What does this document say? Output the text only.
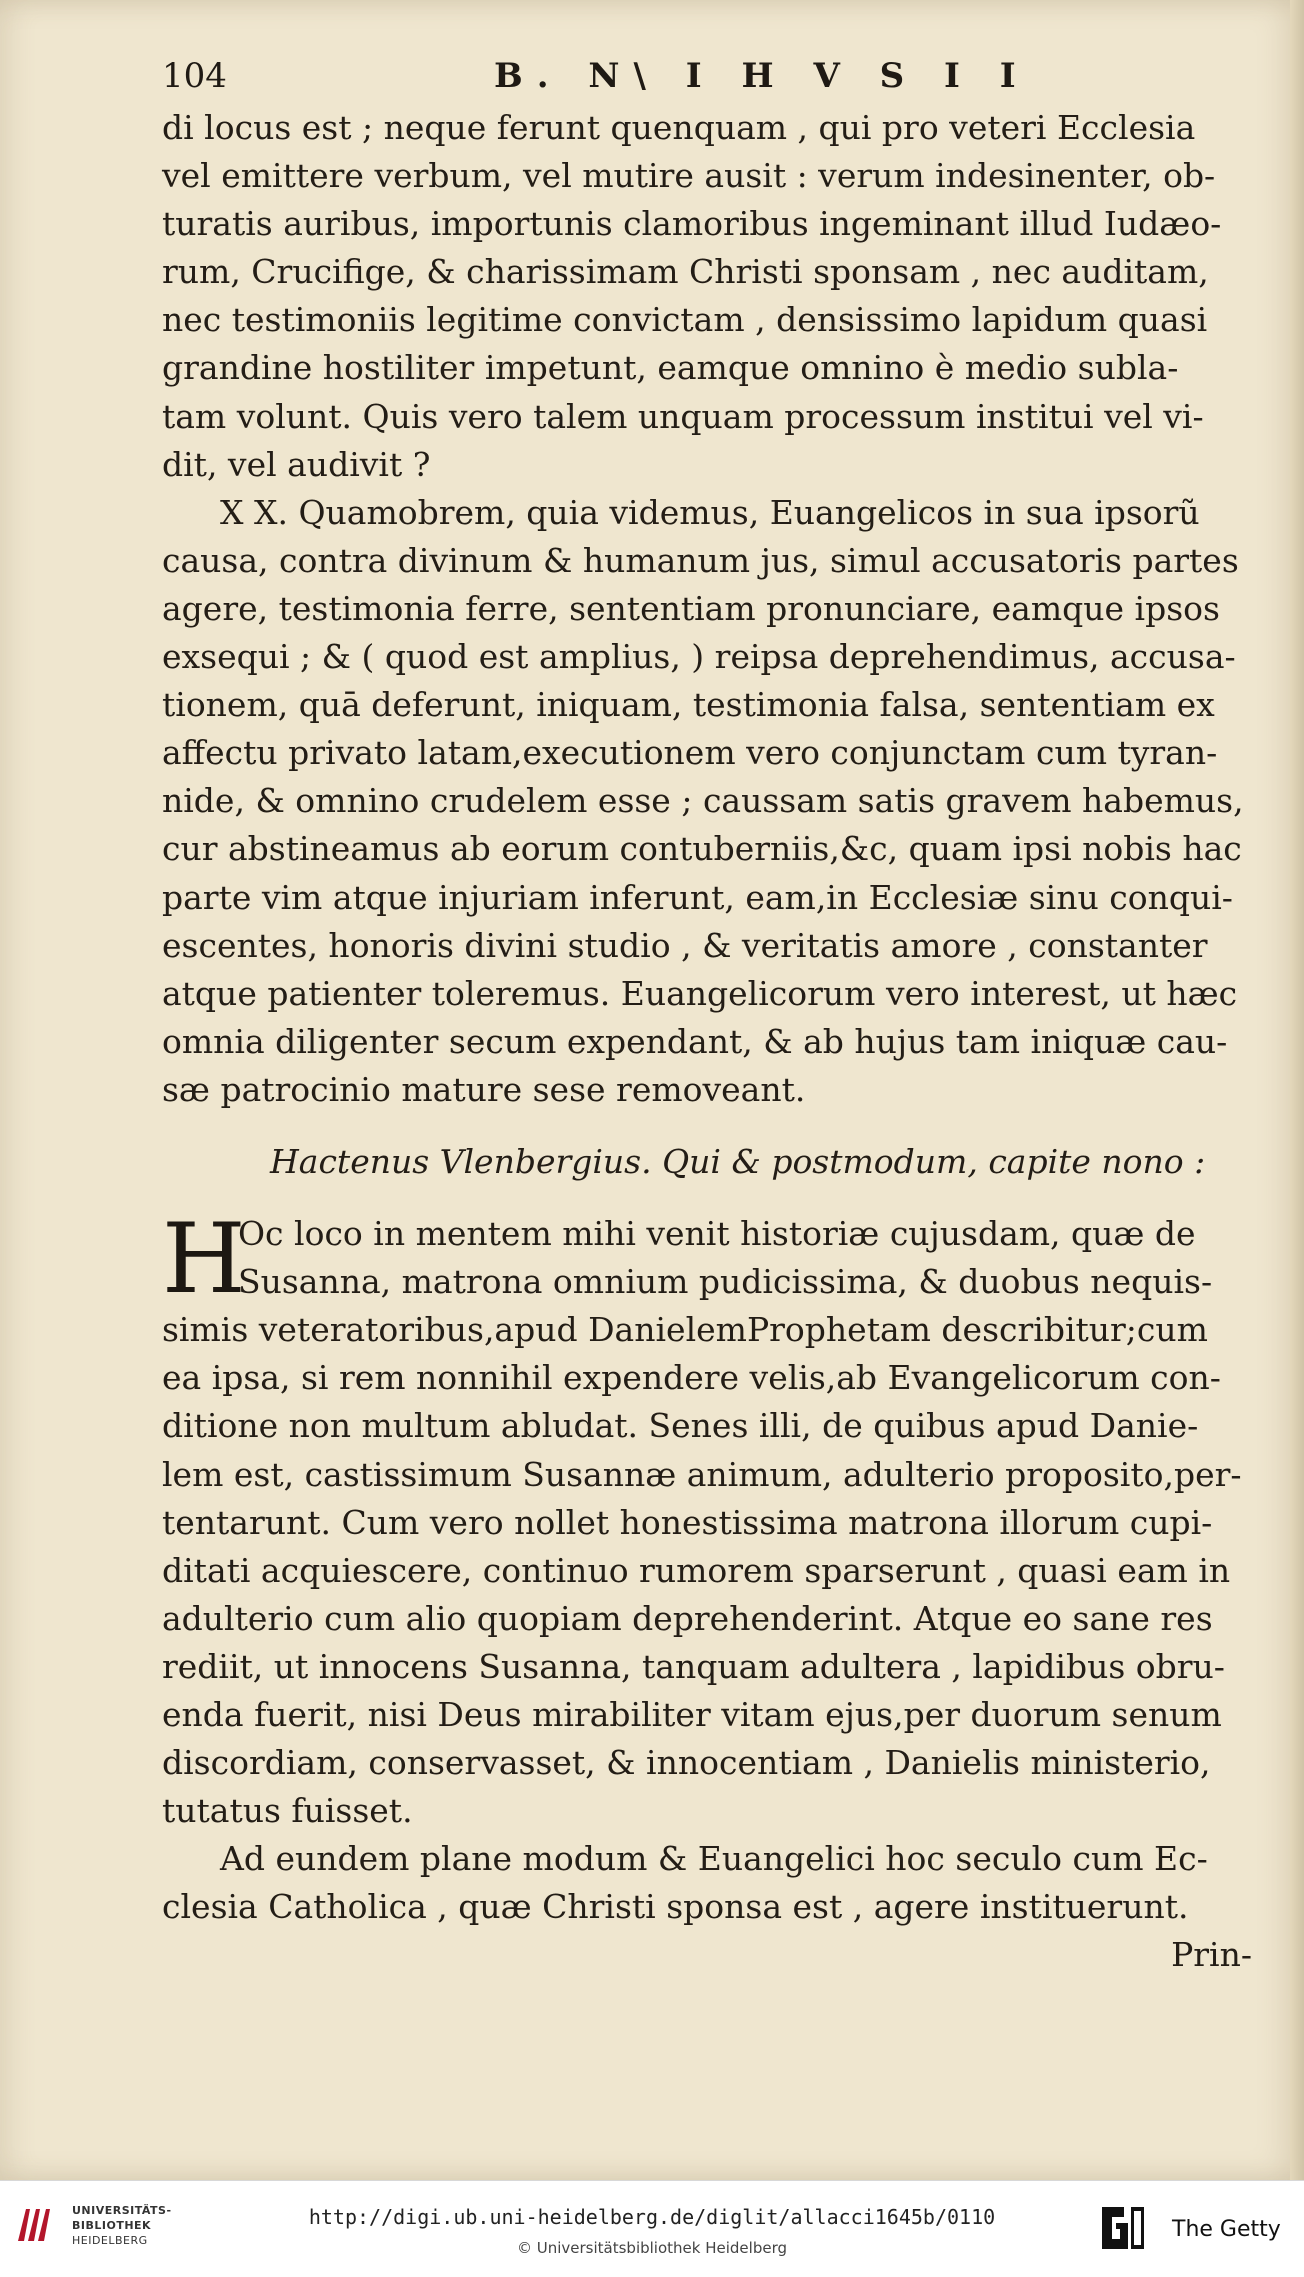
104	B. N\ I H V S I I
di locus est ; neque ferunt quenquam , qui pro veteri Ecclesia
vel emittere verbum, vel mutire ausit : verum indesinenter, ob-
turatis auribus, importunis clamoribus ingeminant illud Iudæo-
rum, Crucifige, & charissimam Christi sponsam , nec auditam,
nec testimoniis legitime convictam , densissimo lapidum quasi
grandine hostiliter impetunt, eamque omnino è medio subla-
tam volunt. Quis vero talem unquam processum institui vel vi-
dit, vel audivit ?
X X. Quamobrem, quia videmus, Euangelicos in sua ipsorũ
causa, contra divinum & humanum jus, simul accusatoris partes
agere, testimonia ferre, sententiam pronunciare, eamque ipsos
exsequi ; & ( quod est amplius, ) reipsa deprehendimus, accusa-
tionem, quā deferunt, iniquam, testimonia falsa, sententiam ex
affectu privato latam,executionem vero conjunctam cum tyran-
nide, & omnino crudelem esse ; caussam satis gravem habemus,
cur abstineamus ab eorum contuberniis,&c, quam ipsi nobis hac
parte vim atque injuriam inferunt, eam,in Ecclesiæ sinu conqui-
escentes, honoris divini studio , & veritatis amore , constanter
atque patienter toleremus. Euangelicorum vero interest, ut hæc
omnia diligenter secum expendant, & ab hujus tam iniquæ cau-
sæ patrocinio mature sese removeant.
Hactenus Vlenbergius. Qui & postmodum, capite nono :
H
Oc loco in mentem mihi venit historiæ cujusdam, quæ de
Susanna, matrona omnium pudicissima, & duobus nequis-
simis veteratoribus,apud DanielemProphetam describitur;cum
ea ipsa, si rem nonnihil expendere velis,ab Evangelicorum con-
ditione non multum abludat. Senes illi, de quibus apud Danie-
lem est, castissimum Susannæ animum, adulterio proposito,per-
tentarunt. Cum vero nollet honestissima matrona illorum cupi-
ditati acquiescere, continuo rumorem sparserunt , quasi eam in
adulterio cum alio quopiam deprehenderint. Atque eo sane res
rediit, ut innocens Susanna, tanquam adultera , lapidibus obru-
enda fuerit, nisi Deus mirabiliter vitam ejus,per duorum senum
discordiam, conservasset, & innocentiam , Danielis ministerio,
tutatus fuisset.
Ad eundem plane modum & Euangelici hoc seculo cum Ec-
clesia Catholica , quæ Christi sponsa est , agere instituerunt.
Prin-
UNIVERSITÄTS-
BIBLIOTHEK
HEIDELBERG
http://digi.ub.uni-heidelberg.de/diglit/allacci1645b/0110
© Universitätsbibliothek Heidelberg
The Getty
